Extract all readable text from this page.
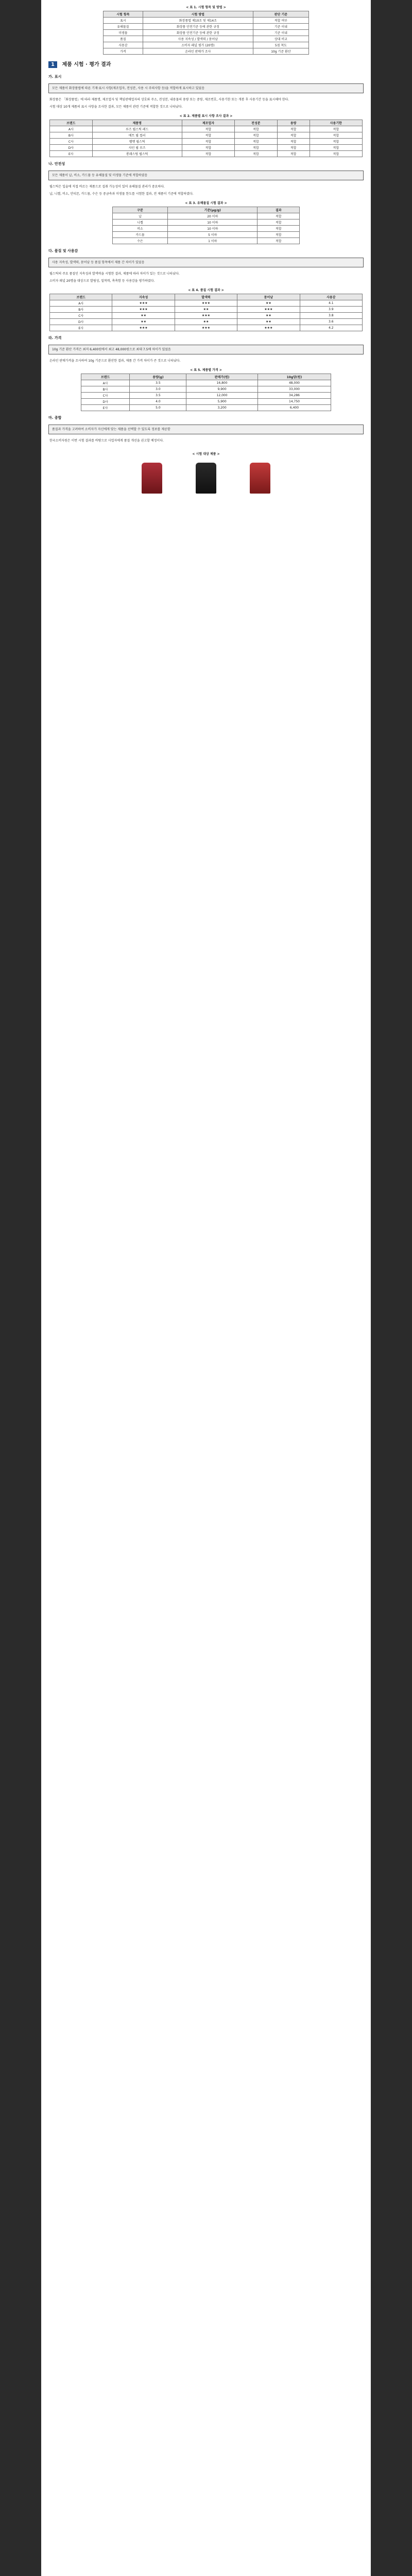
< 표 1. 시험 항목 및 방법 >
시험 항목	시험 방법	판단 기준
표시	화장품법 제10조 및 제14조	적합 여부
유해물질	화장품 안전기준 등에 관한 규정	기준 이내
미생물	화장품 안전기준 등에 관한 규정	기준 이내
품질	사용 지속성 / 발색력 / 묻어남	상대 비교
사용감	소비자 패널 평가 (20명)	5점 척도
가격	온라인 판매가 조사	10g 기준 환산
1 제품 시험 · 평가 결과

가. 표시

모든 제품이 화장품법에 따른 기재·표시 사항(제조업자, 전성분, 사용 시 주의사항 등)을 적합하게 표시하고 있었음

화장품은 「화장품법」에 따라 제품명, 제조업자 및 책임판매업자의 상호와 주소, 전성분, 내용물의 용량 또는 중량, 제조번호, 사용기한 또는 개봉 후 사용기간 등을 표시해야 한다.

시험 대상 10개 제품의 표시 사항을 조사한 결과, 모든 제품이 관련 기준에 적합한 것으로 나타났다.

< 표 2. 제품별 표시 사항 조사 결과 >
브랜드	제품명	제조업자	전성분	용량	사용기한
A사	루즈 립스틱 레드	적합	적합	적합	적합
B사	매트 립 컬러	적합	적합	적합	적합
C사	벨벳 립스틱	적합	적합	적합	적합
D사	샤인 립 루즈	적합	적합	적합	적합
E사	롱래스팅 립스틱	적합	적합	적합	적합

나. 안전성

모든 제품이 납, 비소, 카드뮴 등 유해물질 및 미생물 기준에 적합하였음

립스틱은 입술에 직접 바르는 제품으로 섭취 가능성이 있어 유해물질 관리가 중요하다.

납, 니켈, 비소, 안티몬, 카드뮴, 수은 등 중금속과 미생물 한도를 시험한 결과, 전 제품이 기준에 적합하였다.

< 표 3. 유해물질 시험 결과 >
구분	기준(μg/g)	결과
납	20 이하	적합
니켈	10 이하	적합
비소	10 이하	적합
카드뮴	5 이하	적합
수은	1 이하	적합

다. 품질 및 사용감

사용 지속성, 발색력, 묻어남 등 품질 항목에서 제품 간 차이가 있었음

립스틱의 주요 품질인 지속성과 발색력을 시험한 결과, 제품에 따라 차이가 있는 것으로 나타났다.

소비자 패널 20명을 대상으로 발림성, 밀착력, 촉촉함 등 사용감을 평가하였다.

< 표 4. 품질 시험 결과 >
브랜드	지속성	발색력	묻어남	사용감
A사	★★★	★★★	★★	4.1
B사	★★★	★★	★★★	3.9
C사	★★	★★★	★★	3.8
D사	★★	★★	★★	3.6
E사	★★★	★★★	★★★	4.2

라. 가격

10g 기준 환산 가격은 최저 6,400원에서 최고 48,000원으로 최대 7.5배 차이가 있었음

온라인 판매가격을 조사하여 10g 기준으로 환산한 결과, 제품 간 가격 차이가 큰 것으로 나타났다.

< 표 5. 제품별 가격 >
브랜드	용량(g)	판매가(원)	10g당(원)
A사	3.5	16,800	48,000
B사	3.0	9,900	33,000
C사	3.5	12,000	34,286
D사	4.0	5,900	14,750
E사	5.0	3,200	6,400

마. 종합

품질과 가격을 고려하여 소비자가 자신에게 맞는 제품을 선택할 수 있도록 정보를 제공함

한국소비자원은 이번 시험 결과를 바탕으로 사업자에게 품질 개선을 권고할 예정이다.

< 시험 대상 제품 >
